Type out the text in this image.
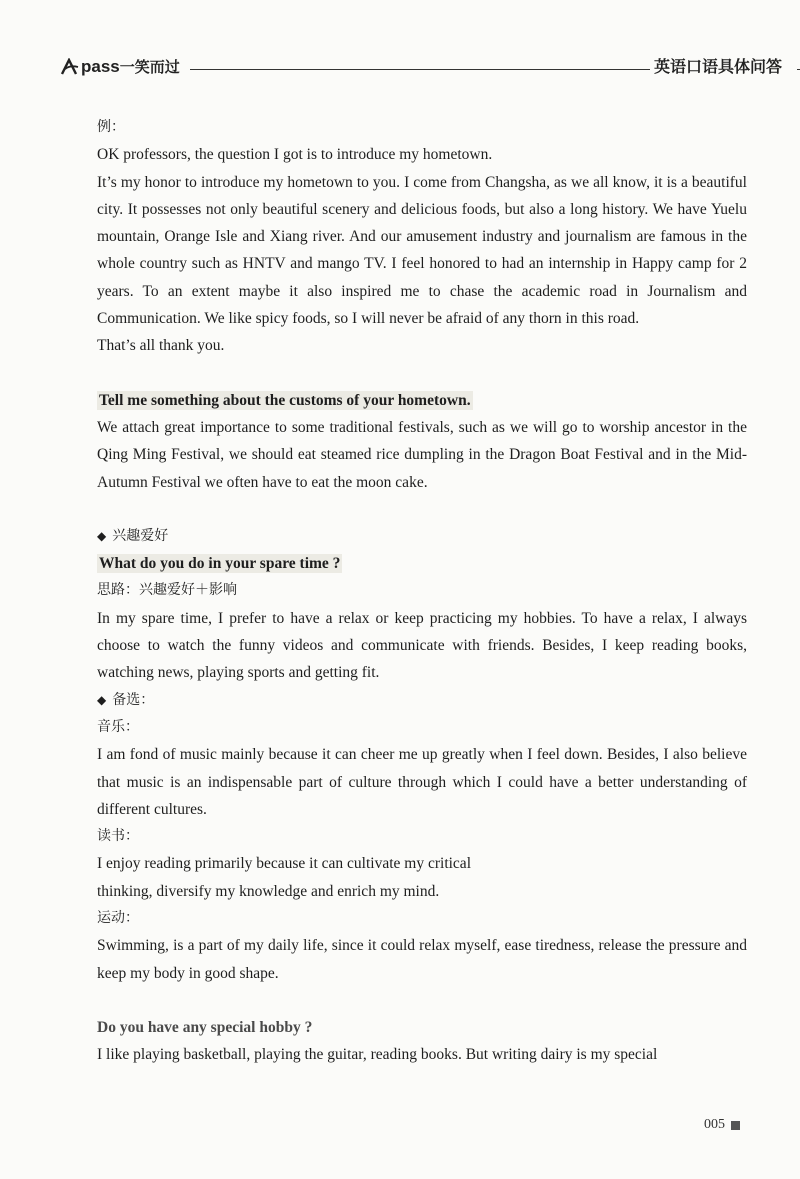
pass 一笑而过	英语口语具体问答

例：

OK professors, the question I got is to introduce my hometown.

It’s my honor to introduce my hometown to you. I come from Changsha, as we all know, it is a beautiful city. It possesses not only beautiful scenery and delicious foods, but also a long history. We have Yuelu mountain, Orange Isle and Xiang river. And our amusement industry and journalism are famous in the whole country such as HNTV and mango TV. I feel honored to had an internship in Happy camp for 2 years. To an extent maybe it also inspired me to chase the academic road in Journalism and Communication. We like spicy foods, so I will never be afraid of any thorn in this road.

That’s all thank you.

Tell me something about the customs of your hometown.

We attach great importance to some traditional festivals, such as we will go to worship ancestor in the Qing Ming Festival, we should eat steamed rice dumpling in the Dragon Boat Festival and in the Mid-Autumn Festival we often have to eat the moon cake.

◆ 兴趣爱好

What do you do in your spare time ?

思路：兴趣爱好＋影响

In my spare time, I prefer to have a relax or keep practicing my hobbies. To have a relax, I always choose to watch the funny videos and communicate with friends. Besides, I keep reading books, watching news, playing sports and getting fit.

◆ 备选：

音乐：

I am fond of music mainly because it can cheer me up greatly when I feel down. Besides, I also believe that music is an indispensable part of culture through which I could have a better understanding of different cultures.

读书：

I enjoy reading primarily because it can cultivate my critical

thinking, diversify my knowledge and enrich my mind.

运动：

Swimming, is a part of my daily life, since it could relax myself, ease tiredness, release the pressure and keep my body in good shape.

Do you have any special hobby ?

I like playing basketball, playing the guitar, reading books. But writing dairy is my special

005
